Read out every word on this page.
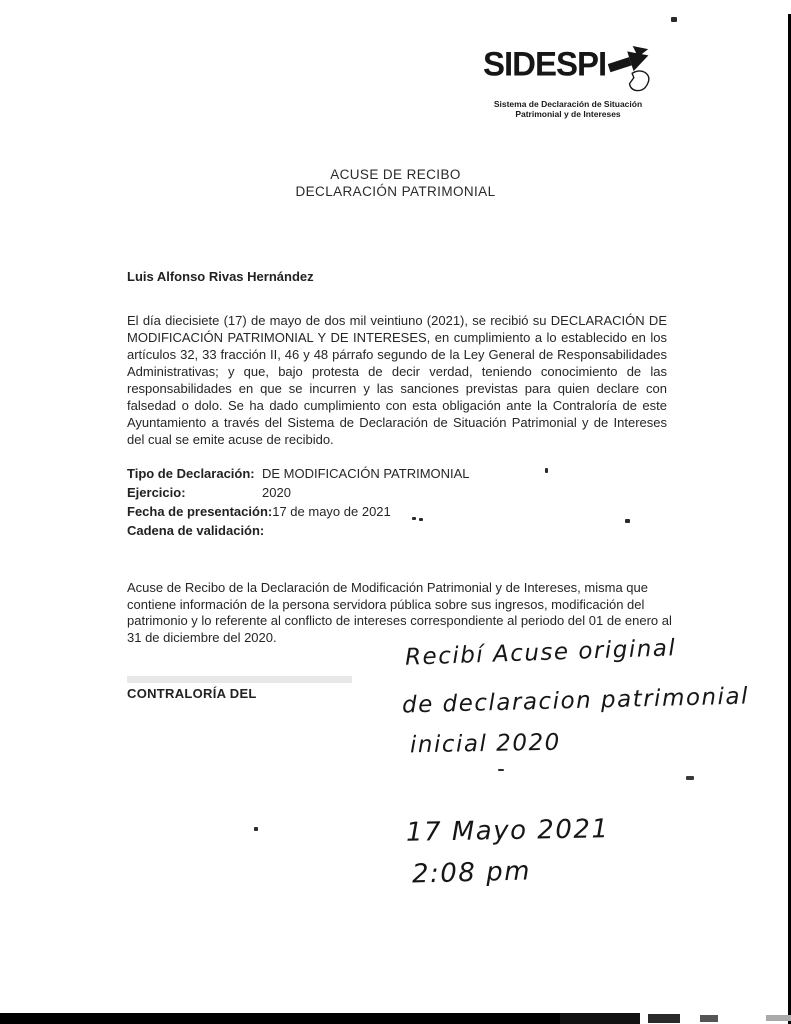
SIDESPI
Sistema de Declaración de Situación
Patrimonial y de Intereses
ACUSE DE RECIBO
DECLARACIÓN PATRIMONIAL
Luis Alfonso Rivas Hernández

El día diecisiete (17) de mayo de dos mil veintiuno (2021), se recibió su DECLARACIÓN DE MODIFICACIÓN PATRIMONIAL Y DE INTERESES, en cumplimiento a lo establecido en los artículos 32, 33 fracción II, 46 y 48 párrafo segundo de la Ley General de Responsabilidades Administrativas; y que, bajo protesta de decir verdad, teniendo conocimiento de las responsabilidades en que se incurren y las sanciones previstas para quien declare con falsedad o dolo. Se ha dado cumplimiento con esta obligación ante la Contraloría de este Ayuntamiento a través del Sistema de Declaración de Situación Patrimonial y de Intereses del cual se emite acuse de recibido.

Tipo de Declaración: DE MODIFICACIÓN PATRIMONIAL
Ejercicio:	2020
Fecha de presentación: 17 de mayo de 2021
Cadena de validación:

Acuse de Recibo de la Declaración de Modificación Patrimonial y de Intereses, misma que contiene información de la persona servidora pública sobre sus ingresos, modificación del patrimonio y lo referente al conflicto de intereses correspondiente al periodo del 01 de enero al 31 de diciembre del 2020.

CONTRALORÍA DEL
Recibí Acuse original
de declaracion patrimonial
inicial 2020
17 Mayo 2021
2:08 pm
